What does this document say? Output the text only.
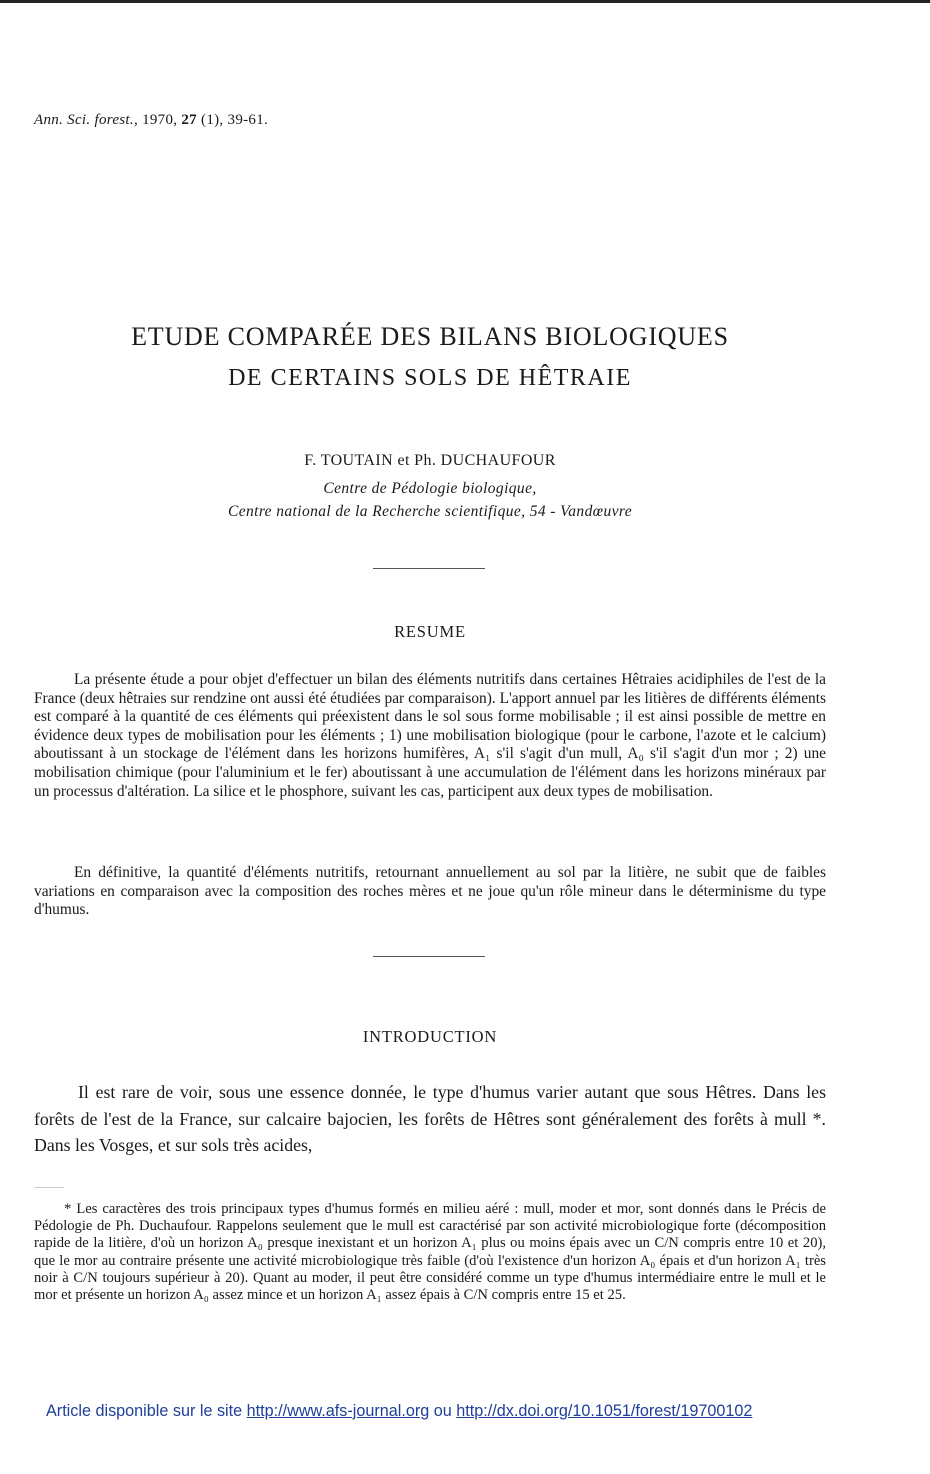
Ann. Sci. forest., 1970, 27 (1), 39-61.
ETUDE COMPARÉE DES BILANS BIOLOGIQUES
DE CERTAINS SOLS DE HÊTRAIE
F. TOUTAIN et Ph. DUCHAUFOUR
Centre de Pédologie biologique,
Centre national de la Recherche scientifique, 54 - Vandœuvre
RESUME

La présente étude a pour objet d'effectuer un bilan des éléments nutritifs dans certaines Hêtraies acidiphiles de l'est de la France (deux hêtraies sur rendzine ont aussi été étudiées par comparaison). L'apport annuel par les litières de différents éléments est comparé à la quantité de ces éléments qui préexistent dans le sol sous forme mobilisable ; il est ainsi possible de mettre en évidence deux types de mobilisation pour les éléments ; 1) une mobilisation biologique (pour le carbone, l'azote et le calcium) aboutissant à un stockage de l'élément dans les horizons humifères, A₁ s'il s'agit d'un mull, A₀ s'il s'agit d'un mor ; 2) une mobilisation chimique (pour l'aluminium et le fer) aboutissant à une accumulation de l'élément dans les horizons minéraux par un processus d'altération. La silice et le phosphore, suivant les cas, participent aux deux types de mobilisation.

En définitive, la quantité d'éléments nutritifs, retournant annuellement au sol par la litière, ne subit que de faibles variations en comparaison avec la composition des roches mères et ne joue qu'un rôle mineur dans le déterminisme du type d'humus.

INTRODUCTION

Il est rare de voir, sous une essence donnée, le type d'humus varier autant que sous Hêtres. Dans les forêts de l'est de la France, sur calcaire bajocien, les forêts de Hêtres sont généralement des forêts à mull *. Dans les Vosges, et sur sols très acides,

* Les caractères des trois principaux types d'humus formés en milieu aéré : mull, moder et mor, sont donnés dans le Précis de Pédologie de Ph. Duchaufour. Rappelons seulement que le mull est caractérisé par son activité microbiologique forte (décomposition rapide de la litière, d'où un horizon A₀ presque inexistant et un horizon A₁ plus ou moins épais avec un C/N compris entre 10 et 20), que le mor au contraire présente une activité microbiologique très faible (d'où l'existence d'un horizon A₀ épais et d'un horizon A₁ très noir à C/N toujours supérieur à 20). Quant au moder, il peut être considéré comme un type d'humus intermédiaire entre le mull et le mor et présente un horizon A₀ assez mince et un horizon A₁ assez épais à C/N compris entre 15 et 25.

Article disponible sur le site http://www.afs-journal.org ou http://dx.doi.org/10.1051/forest/19700102
